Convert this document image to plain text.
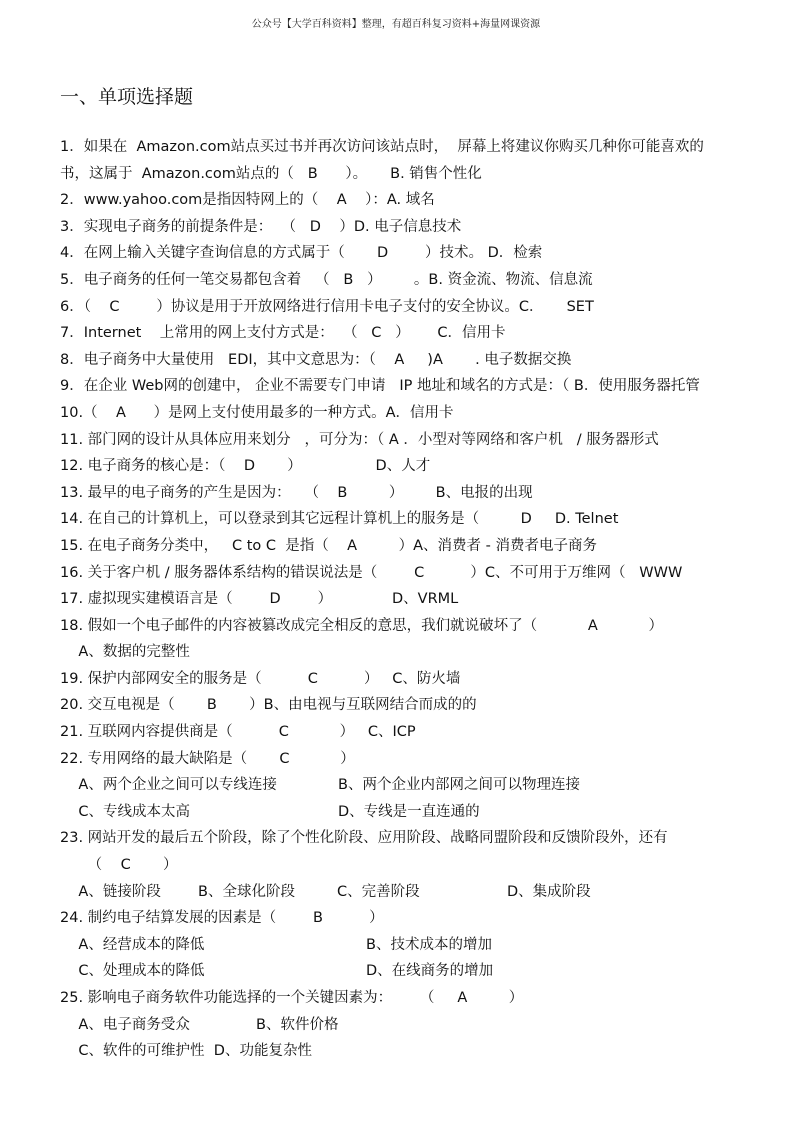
公众号【大学百科资料】整理，有超百科复习资料+海量网课资源
一、单项选择题
1．如果在  Amazon.com站点买过书并再次访问该站点时，  屏幕上将建议你购买几种你可能喜欢的
书，这属于  Amazon.com站点的（   B      ）。     B. 销售个性化
2．www.yahoo.com是指因特网上的（    A    ）：A. 域名
3．实现电子商务的前提条件是：  （   D    ）D. 电子信息技术
4．在网上输入关键字查询信息的方式属于（       D        ）技术。 D．检索
5．电子商务的任何一笔交易都包含着   （   B   ）       。B. 资金流、物流、信息流
6．（    C        ）协议是用于开放网络进行信用卡电子支付的安全协议。C．     SET
7．Internet    上常用的网上支付方式是：  （   C   ）      C．信用卡
8．电子商务中大量使用   EDI，其中文意思为：（    A     )A       . 电子数据交换
9．在企业 Web网的创建中， 企业不需要专门申请   IP 地址和域名的方式是：（ B．使用服务器托管
10.（    A      ）是网上支付使用最多的一种方式。A．信用卡
11. 部门网的设计从具体应用来划分   ，可分为：（ A ．小型对等网络和客户机   / 服务器形式
12. 电子商务的核心是：（    D       ）                D、人才
13. 最早的电子商务的产生是因为：   （    B         ）       B、电报的出现
14. 在自己的计算机上，可以登录到其它远程计算机上的服务是（         D     D. Telnet
15. 在电子商务分类中，   C to C  是指（    A         ）A、消费者 - 消费者电子商务
16. 关于客户机 / 服务器体系结构的错误说法是（        C          ）C、不可用于万维网（   WWW
17. 虚拟现实建模语言是（        D        ）             D、VRML
18. 假如一个电子邮件的内容被篡改成完全相反的意思，我们就说破坏了（           A           ）
A、数据的完整性
19. 保护内部网安全的服务是（          C          ）   C、防火墙
20. 交互电视是（       B       ）B、由电视与互联网结合而成的的
21. 互联网内容提供商是（          C           ）   C、ICP
22. 专用网络的最大缺陷是（       C           ）
A、两个企业之间可以专线连接	B、两个企业内部网之间可以物理连接
C、专线成本太高	D、专线是一直连通的
23. 网站开发的最后五个阶段，除了个性化阶段、应用阶段、战略同盟阶段和反馈阶段外，还有
（    C       ）
A、链接阶段	B、全球化阶段	C、完善阶段	D、集成阶段
24. 制约电子结算发展的因素是（        B          ）
A、经营成本的降低	B、技术成本的增加
C、处理成本的降低	D、在线商务的增加
25. 影响电子商务软件功能选择的一个关键因素为：      （     A         ）
A、电子商务受众	B、软件价格
C、软件的可维护性  D、功能复杂性
